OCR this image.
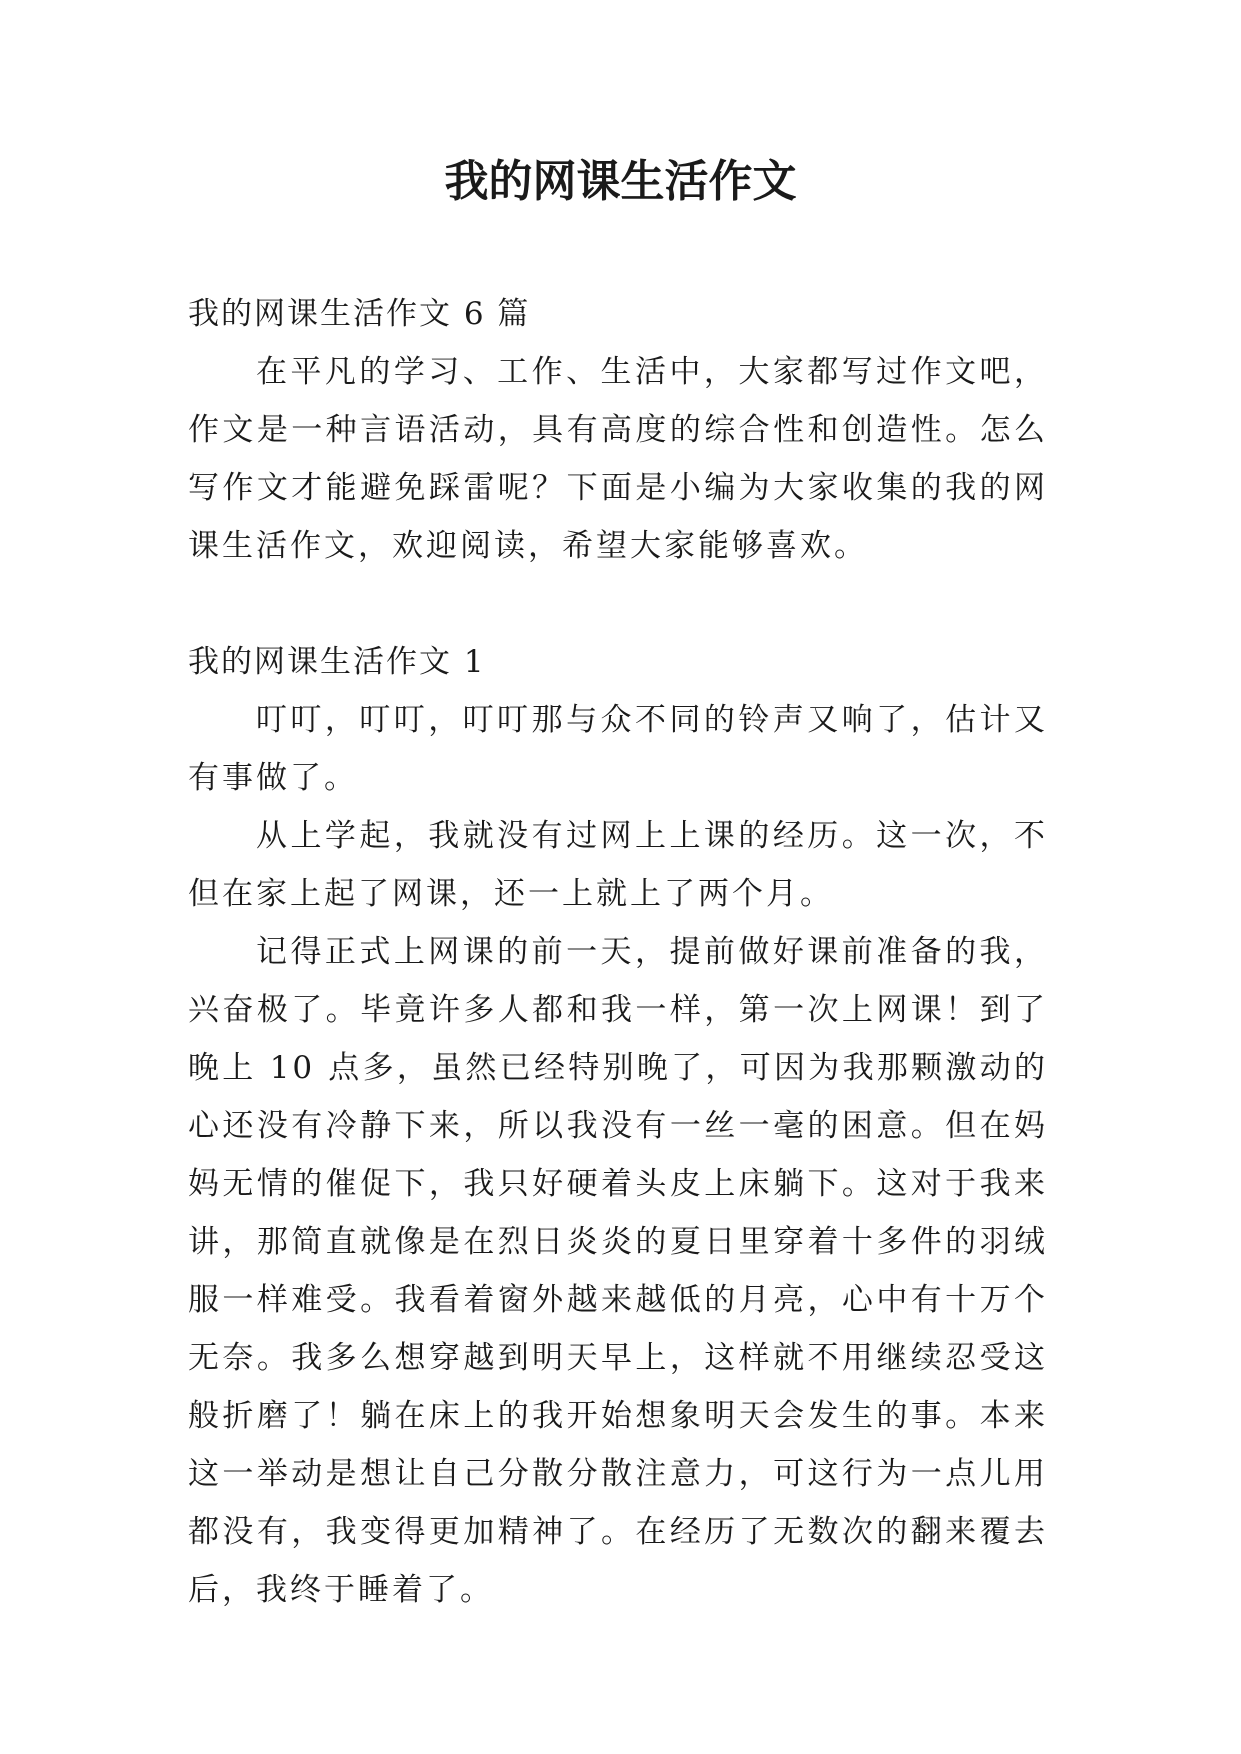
我的网课生活作文

我的网课生活作文 6 篇

在平凡的学习、工作、生活中，大家都写过作文吧，作文是一种言语活动，具有高度的综合性和创造性。怎么写作文才能避免踩雷呢？下面是小编为大家收集的我的网课生活作文，欢迎阅读，希望大家能够喜欢。

我的网课生活作文 1

叮叮，叮叮，叮叮那与众不同的铃声又响了，估计又有事做了。

从上学起，我就没有过网上上课的经历。这一次，不但在家上起了网课，还一上就上了两个月。

记得正式上网课的前一天，提前做好课前准备的我，兴奋极了。毕竟许多人都和我一样，第一次上网课！到了晚上 10 点多，虽然已经特别晚了，可因为我那颗激动的心还没有冷静下来，所以我没有一丝一毫的困意。但在妈妈无情的催促下，我只好硬着头皮上床躺下。这对于我来讲，那简直就像是在烈日炎炎的夏日里穿着十多件的羽绒服一样难受。我看着窗外越来越低的月亮，心中有十万个无奈。我多么想穿越到明天早上，这样就不用继续忍受这般折磨了！躺在床上的我开始想象明天会发生的事。本来这一举动是想让自己分散分散注意力，可这行为一点儿用都没有，我变得更加精神了。在经历了无数次的翻来覆去后，我终于睡着了。
